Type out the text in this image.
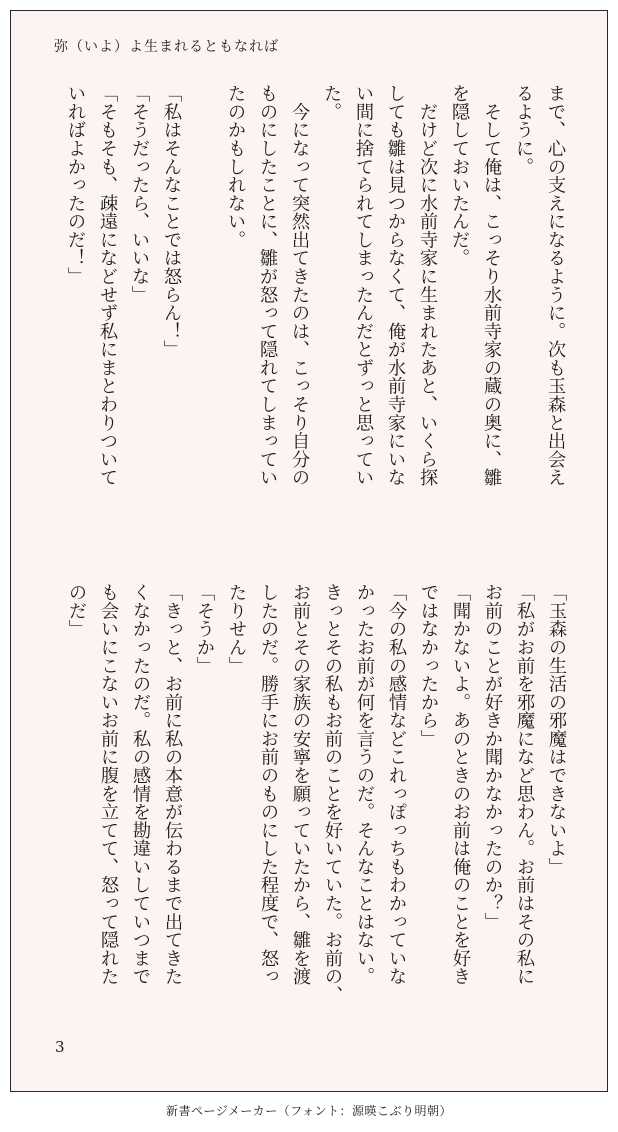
弥（いよ）よ生まれるともなれば
まで、心の支えになるように。次も玉森と出会え
るように。
　そして俺は、こっそり水前寺家の蔵の奥に、雛
を隠しておいたんだ。
　だけど次に水前寺家に生まれたあと、いくら探
しても雛は見つからなくて、俺が水前寺家にいな
い間に捨てられてしまったんだとずっと思ってい
た。
　今になって突然出てきたのは、こっそり自分の
ものにしたことに、雛が怒って隠れてしまってい
たのかもしれない。
「私はそんなことでは怒らん！」
「そうだったら、いいな」
「そもそも、疎遠になどせず私にまとわりついて
いればよかったのだ！」
「玉森の生活の邪魔はできないよ」
「私がお前を邪魔になど思わん。お前はその私に
お前のことが好きか聞かなかったのか？」
「聞かないよ。あのときのお前は俺のことを好き
ではなかったから」
「今の私の感情などこれっぽっちもわかっていな
かったお前が何を言うのだ。そんなことはない。
きっとその私もお前のことを好いていた。お前の、
お前とその家族の安寧を願っていたから、雛を渡
したのだ。勝手にお前のものにした程度で、怒っ
たりせん」
「そうか」
「きっと、お前に私の本意が伝わるまで出てきた
くなかったのだ。私の感情を勘違いしていつまで
も会いにこないお前に腹を立てて、怒って隠れた
のだ」
3
新書ページメーカー（フォント：源暎こぶり明朝）
